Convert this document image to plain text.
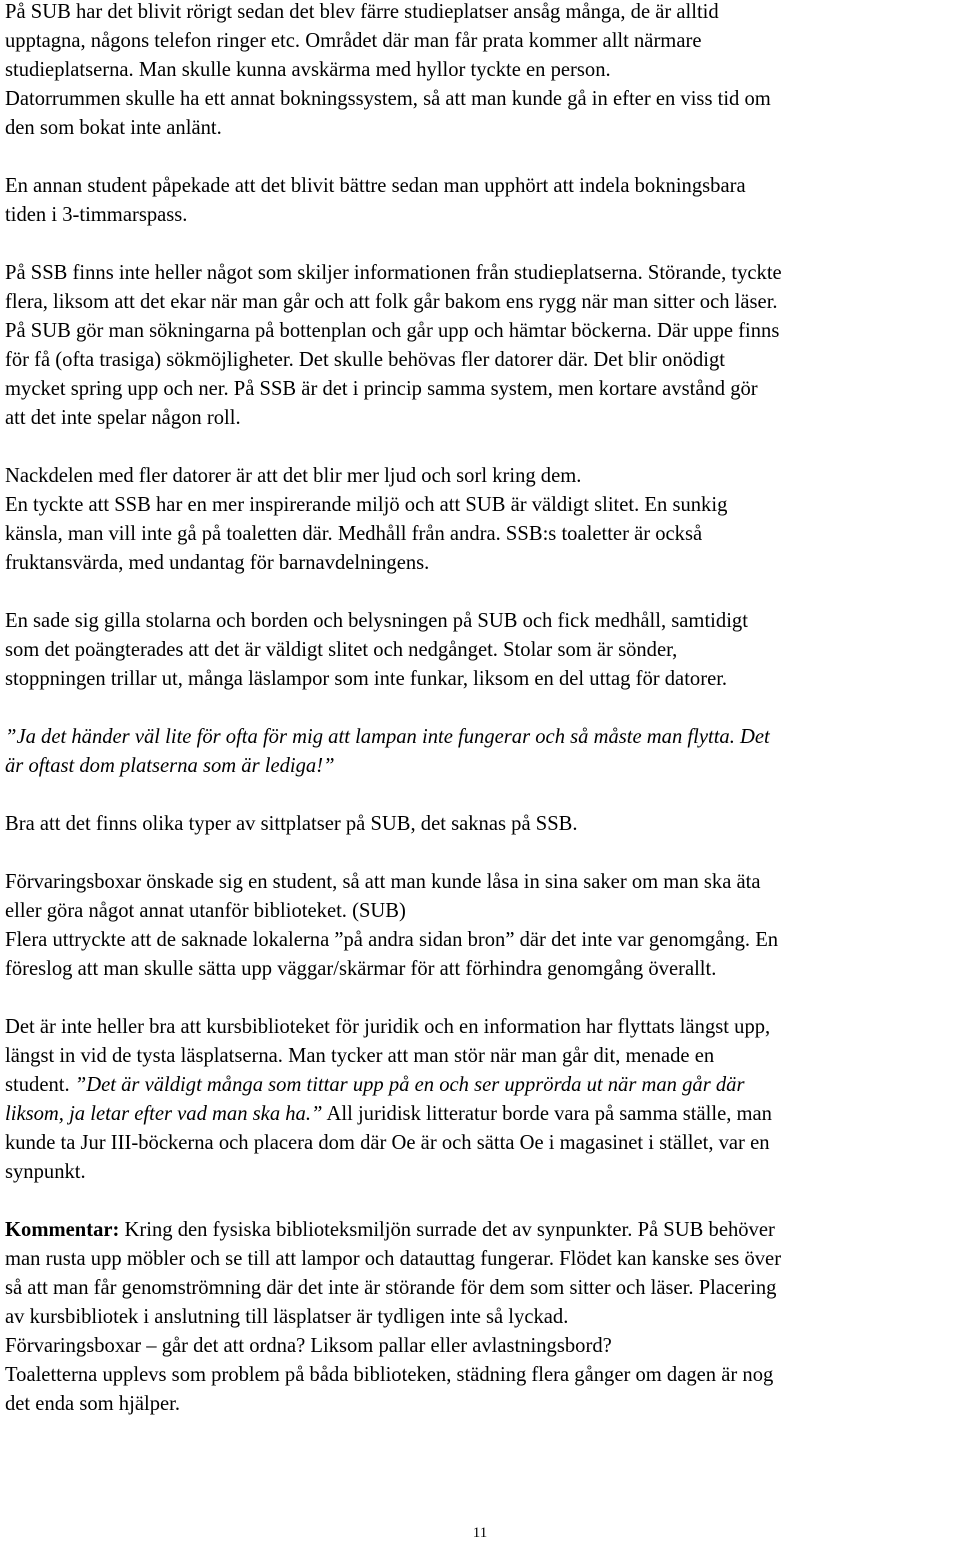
På SUB har det blivit rörigt sedan det blev färre studieplatser ansåg många, de är alltid
upptagna, någons telefon ringer etc. Området där man får prata kommer allt närmare
studieplatserna. Man skulle kunna avskärma med hyllor tyckte en person.
Datorrummen skulle ha ett annat bokningssystem, så att man kunde gå in efter en viss tid om
den som bokat inte anlänt.

En annan student påpekade att det blivit bättre sedan man upphört att indela bokningsbara
tiden i 3-timmarspass.

På SSB finns inte heller något som skiljer informationen från studieplatserna. Störande, tyckte
flera, liksom att det ekar när man går och att folk går bakom ens rygg när man sitter och läser.
På SUB gör man sökningarna på bottenplan och går upp och hämtar böckerna. Där uppe finns
för få (ofta trasiga) sökmöjligheter. Det skulle behövas fler datorer där. Det blir onödigt
mycket spring upp och ner. På SSB är det i princip samma system, men kortare avstånd gör
att det inte spelar någon roll.

Nackdelen med fler datorer är att det blir mer ljud och sorl kring dem.
En tyckte att SSB har en mer inspirerande miljö och att SUB är väldigt slitet. En sunkig
känsla, man vill inte gå på toaletten där. Medhåll från andra. SSB:s toaletter är också
fruktansvärda, med undantag för barnavdelningens.

En sade sig gilla stolarna och borden och belysningen på SUB och fick medhåll, samtidigt
som det poängterades att det är väldigt slitet och nedgånget. Stolar som är sönder,
stoppningen trillar ut, många läslampor som inte funkar, liksom en del uttag för datorer.

”Ja det händer väl lite för ofta för mig att lampan inte fungerar och så måste man flytta. Det
är oftast dom platserna som är lediga!”

Bra att det finns olika typer av sittplatser på SUB, det saknas på SSB.

Förvaringsboxar önskade sig en student, så att man kunde låsa in sina saker om man ska äta
eller göra något annat utanför biblioteket. (SUB)
Flera uttryckte att de saknade lokalerna ”på andra sidan bron” där det inte var genomgång. En
föreslog att man skulle sätta upp väggar/skärmar för att förhindra genomgång överallt.

Det är inte heller bra att kursbiblioteket för juridik och en information har flyttats längst upp,
längst in vid de tysta läsplatserna. Man tycker att man stör när man går dit, menade en
student. ”Det är väldigt många som tittar upp på en och ser upprörda ut när man går där
liksom, ja letar efter vad man ska ha.” All juridisk litteratur borde vara på samma ställe, man
kunde ta Jur III-böckerna och placera dom där Oe är och sätta Oe i magasinet i stället, var en
synpunkt.

Kommentar: Kring den fysiska biblioteksmiljön surrade det av synpunkter. På SUB behöver
man rusta upp möbler och se till att lampor och datauttag fungerar. Flödet kan kanske ses över
så att man får genomströmning där det inte är störande för dem som sitter och läser. Placering
av kursbibliotek i anslutning till läsplatser är tydligen inte så lyckad.
Förvaringsboxar – går det att ordna? Liksom pallar eller avlastningsbord?
Toaletterna upplevs som problem på båda biblioteken, städning flera gånger om dagen är nog
det enda som hjälper.

11
